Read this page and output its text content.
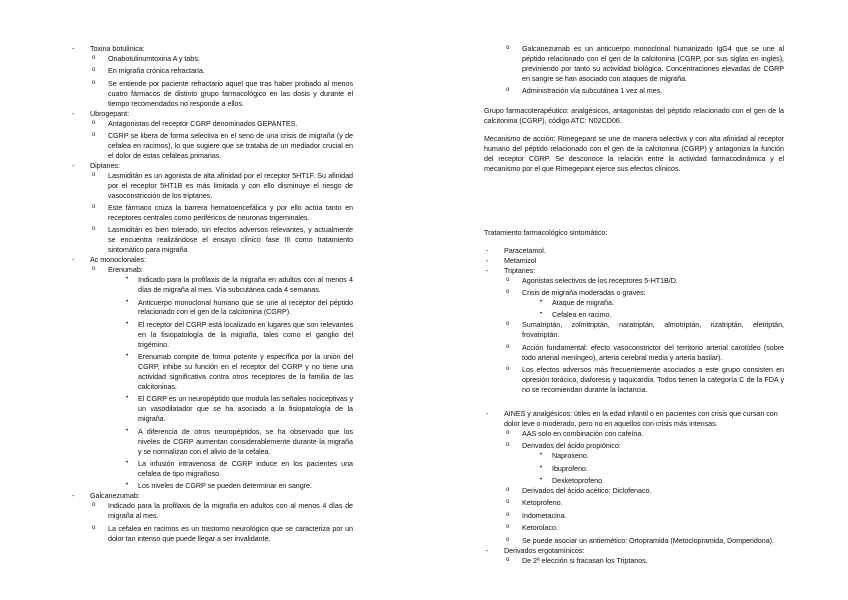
- Toxina botulínica:
o Onabotulinumtoxina A y tabs.
o En migraña crónica refractaria.
o Se entiende por paciente refractario aquel que tras haber probado al menos cuatro fármacos de distinto grupo farmacológico en las dosis y durante el tiempo recomendados no responde a ellos.
- Ubrogepant:
o Antagonistas del receptor CGRP denominados GEPANTES.
o CGRP se libera de forma selectiva en el seno de una crisis de migraña (y de cefalea en racimos), lo que sugiere que se trataba de un mediador crucial en el dolor de estas cefaleas primarias.
- Diptanes:
o Lasmiditán es un agonista de alta afinidad por el receptor 5HT1F. Su afinidad por el receptor 5HT1B es más limitada y con ello disminuye el riesgo de vasoconstricción de los triptanes.
o Este fármaco cruza la barrera hematoencefálica y por ello actúa tanto en receptores centrales como periféricos de neuronas trigeminales.
o Lasmiditán es bien tolerado, sin efectos adversos relevantes, y actualmente se encuentra realizándose el ensayo clínico fase III como tratamiento sintomático para migraña
- Ac monoclonales:
o Erenumab:
• Indicado para la profilaxis de la migraña en adultos con al menos 4 días de migraña al mes. Vía subcutánea cada 4 semanas.
• Anticuerpo monoclonal humano que se une al receptor del péptido relacionado con el gen de la calcitonina (CGRP).
• El receptor del CGRP está localizado en lugares que son relevantes en la fisiopatología de la migraña, tales como el ganglio del trigémino.
• Erenumab compite de forma potente y específica por la unión del CGRP, inhibe su función en el receptor del CGRP y no tiene una actividad significativa contra otros receptores de la familia de las calcitoninas.
• El CGRP es un neuropéptido que modula las señales nociceptivas y un vasodilatador que se ha asociado a la fisiopatología de la migraña.
• A diferencia de otros neuropéptidos, se ha observado que los niveles de CGRP aumentan considerablemente durante la migraña y se normalizan con el alivio de la cefalea.
• La infusión intravenosa de CGRP induce en los pacientes una cefalea de tipo migrañoso.
• Los niveles de CGRP se pueden determinar en sangre.
- Galcanezumab:
o Indicado para la profilaxis de la migraña en adultos con al menos 4 días de migraña al mes.
o La cefalea en racimos es un trastorno neurológico que se caracteriza por un dolor tan intenso que puede llegar a ser invalidante.
o Galcanezumab es un anticuerpo monoclonal humanizado IgG4 que se une al péptido relacionado con el gen de la calcitonina (CGRP, por sus siglas en inglés), previniendo por tanto su actividad biológica. Concentraciones elevadas de CGRP en sangre se han asociado con ataques de migraña.
o Administración vía subcutánea 1 vez al mes.

Grupo farmacoterapéutico: analgésicos, antagonistas del péptido relacionado con el gen de la calcitonina (CGRP), código ATC: N02CD06.

Mecanismo de acción: Rimegepant se une de manera selectiva y con alta afinidad al receptor humano del péptido relacionado con el gen de la calcitonina (CGRP) y antagoniza la función del receptor CGRP. Se desconoce la relación entre la actividad farmacodinámica y el mecanismo por el que Rimegepant ejerce sus efectos clínicos.

Tratamiento farmacológico sintomático:

- Paracetamol.
- Metamizol
- Triptanes:
o Agonistas selectivos de los receptores 5-HT1B/D.
o Crisis de migraña moderadas o graves:
• Ataque de migraña.
• Cefalea en racimo.
o Sumatriptán, zolmitriptán, naratriptán, almotriptán, rizatriptán, eletriptán, frovatriptán.
o Acción fundamental: efecto vasoconstrictor del territorio arterial carotídeo (sobre todo arterial meníngeo), arteria cerebral media y arteria basilar).
o Los efectos adversos más frecuentemente asociados a este grupo consisten en opresión torácica, diaforesis y taquicardia. Todos tienen la categoría C de la FDA y no se recomiendan durante la lactancia.
- AINES y analgésicos: útiles en la edad infantil o en pacientes con crisis que cursan con dolor leve o moderado, pero no en aquellos con crisis más intensas.
o AAS solo en combinación con cafeína.
o Derivados del ácido propiónico:
• Naproxeno.
• Ibuprofeno.
• Dexketoprofeno.
o Derivados del ácido acético: Diclofenaco.
o Ketoprofeno.
o Indometacina.
o Ketorolaco.
o Se puede asociar un antiemético: Ortopramida (Metoclopramida, Domperidona).
- Derivados ergotamínicos:
o De 2ª elección si fracasan los Triptanos.
